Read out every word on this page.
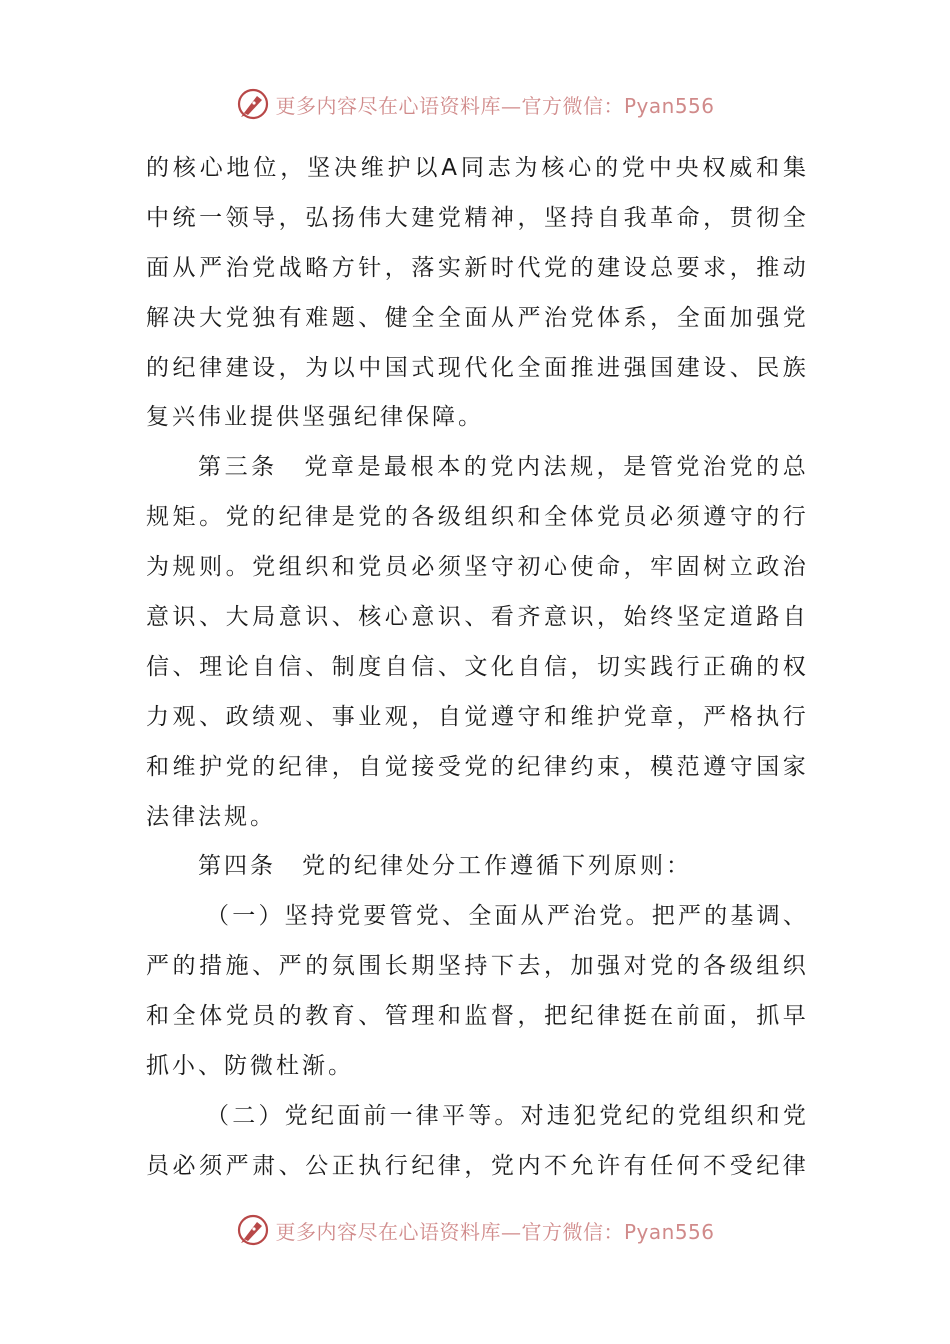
更多内容尽在心语资料库—官方微信：Pyan556
的 核 心 地 位 ， 坚 决 维 护 以 A 同 志 为 核 心 的 党 中 央 权 威 和 集
中 统 一 领 导 ， 弘 扬 伟 大 建 党 精 神 ， 坚 持 自 我 革 命 ， 贯 彻 全
面 从 严 治 党 战 略 方 针 ， 落 实 新 时 代 党 的 建 设 总 要 求 ， 推 动
解 决 大 党 独 有 难 题 、 健 全 全 面 从 严 治 党 体 系 ， 全 面 加 强 党
的 纪 律 建 设 ， 为 以 中 国 式 现 代 化 全 面 推 进 强 国 建 设 、 民 族
复兴伟业提供坚强纪律保障。
第 三 条
　 党 章 是 最 根 本 的 党 内 法 规 ， 是 管 党 治 党 的 总
规 矩 。 党 的 纪 律 是 党 的 各 级 组 织 和 全 体 党 员 必 须 遵 守 的 行
为 规 则 。 党 组 织 和 党 员 必 须 坚 守 初 心 使 命 ， 牢 固 树 立 政 治
意 识 、 大 局 意 识 、 核 心 意 识 、 看 齐 意 识 ， 始 终 坚 定 道 路 自
信 、 理 论 自 信 、 制 度 自 信 、 文 化 自 信 ， 切 实 践 行 正 确 的 权
力 观 、 政 绩 观 、 事 业 观 ， 自 觉 遵 守 和 维 护 党 章 ， 严 格 执 行
和 维 护 党 的 纪 律 ， 自 觉 接 受 党 的 纪 律 约 束 ， 模 范 遵 守 国 家
法律法规。
第四条　党的纪律处分工作遵循下列原则：
（ 一 ） 坚 持 党 要 管 党 、 全 面 从 严 治 党 。 把 严 的 基 调 、
严 的 措 施 、 严 的 氛 围 长 期 坚 持 下 去 ， 加 强 对 党 的 各 级 组 织
和 全 体 党 员 的 教 育 、 管 理 和 监 督 ， 把 纪 律 挺 在 前 面 ， 抓 早
抓小、防微杜渐。
（ 二 ） 党 纪 面 前 一 律 平 等 。 对 违 犯 党 纪 的 党 组 织 和 党
员 必 须 严 肃 、 公 正 执 行 纪 律 ， 党 内 不 允 许 有 任 何 不 受 纪 律
更多内容尽在心语资料库—官方微信：Pyan556
